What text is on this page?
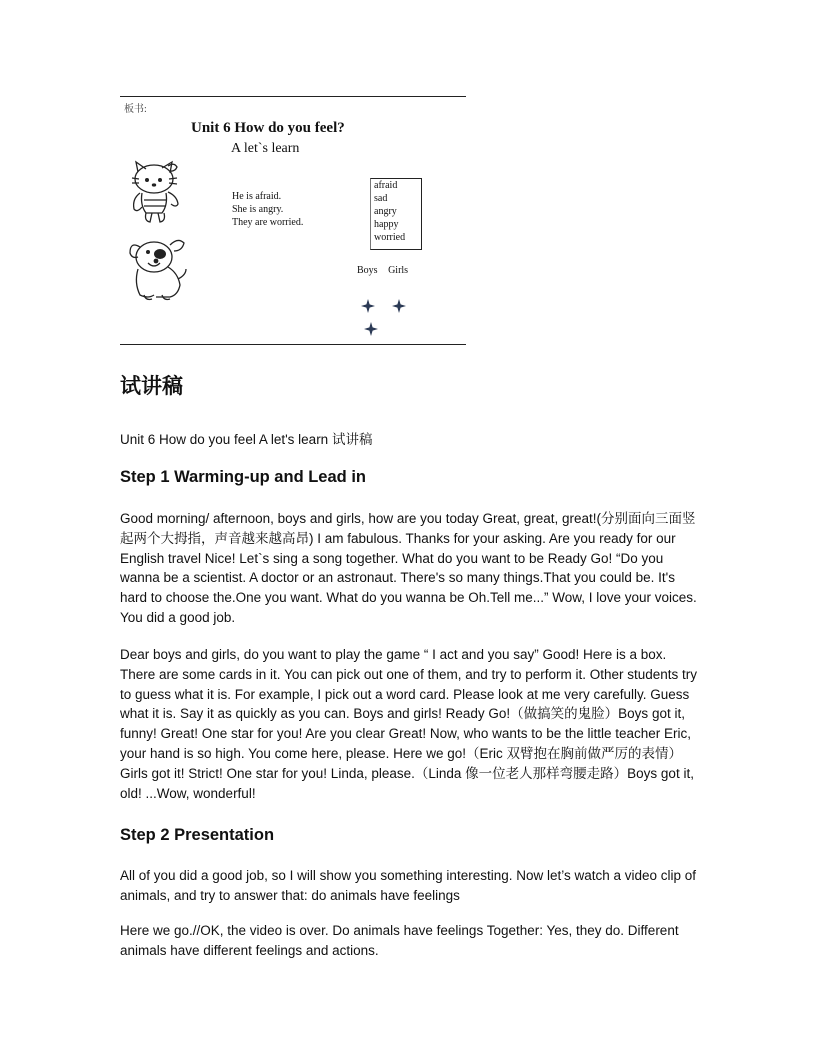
板书:
Unit 6 How do you feel?
A let`s learn
He is afraid.
She is angry.
They are worried.
afraid
sad
angry
happy
worried
Boys Girls
试讲稿

Unit 6 How do you feel A let's learn 试讲稿

Step 1 Warming-up and Lead in

Good morning/ afternoon, boys and girls, how are you today Great, great, great!(分别面向三面竖起两个大拇指，声音越来越高昂) I am fabulous. Thanks for your asking. Are you ready for our English travel Nice! Let`s sing a song together. What do you want to be Ready Go! “Do you wanna be a scientist. A doctor or an astronaut. There's so many things.That you could be. It's hard to choose the.One you want. What do you wanna be Oh.Tell me...” Wow, I love your voices. You did a good job.

Dear boys and girls, do you want to play the game “ I act and you say” Good! Here is a box. There are some cards in it. You can pick out one of them, and try to perform it. Other students try to guess what it is. For example, I pick out a word card. Please look at me very carefully. Guess what it is. Say it as quickly as you can. Boys and girls! Ready Go!（做搞笑的鬼脸）Boys got it, funny! Great! One star for you! Are you clear Great! Now, who wants to be the little teacher Eric, your hand is so high. You come here, please. Here we go!（Eric 双臂抱在胸前做严厉的表情）Girls got it! Strict! One star for you! Linda, please.（Linda 像一位老人那样弯腰走路）Boys got it, old! ...Wow, wonderful!

Step 2 Presentation

All of you did a good job, so I will show you something interesting. Now let’s watch a video clip of animals, and try to answer that: do animals have feelings

Here we go.//OK, the video is over. Do animals have feelings Together: Yes, they do. Different animals have different feelings and actions.
